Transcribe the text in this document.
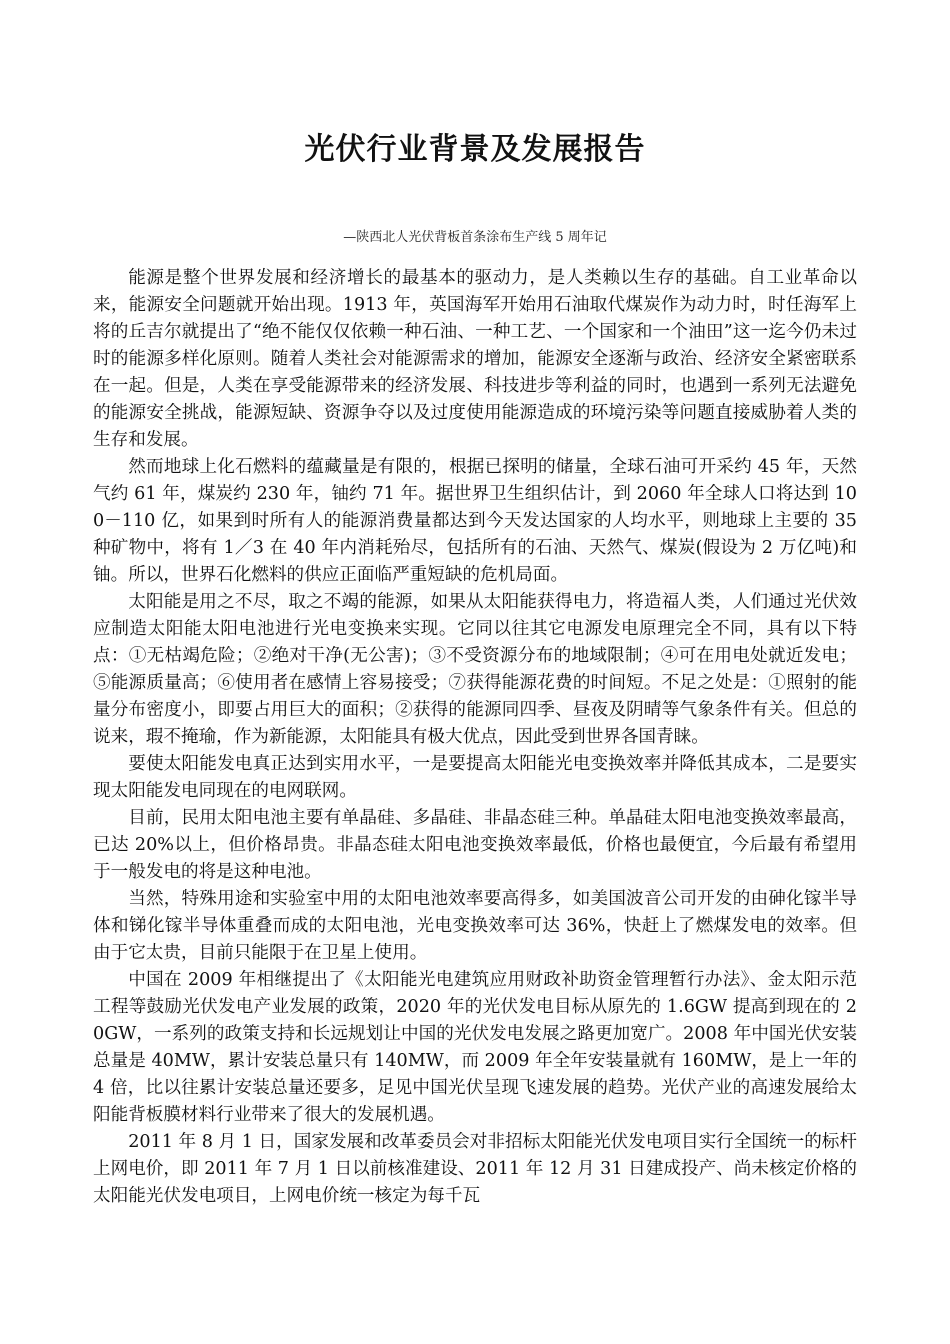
光伏行业背景及发展报告

—陕西北人光伏背板首条涂布生产线 5 周年记

能源是整个世界发展和经济增长的最基本的驱动力，是人类赖以生存的基础。自工业革命以来，能源安全问题就开始出现。1913 年，英国海军开始用石油取代煤炭作为动力时，时任海军上将的丘吉尔就提出了“绝不能仅仅依赖一种石油、一种工艺、一个国家和一个油田”这一迄今仍未过时的能源多样化原则。随着人类社会对能源需求的增加，能源安全逐渐与政治、经济安全紧密联系在一起。但是，人类在享受能源带来的经济发展、科技进步等利益的同时，也遇到一系列无法避免的能源安全挑战，能源短缺、资源争夺以及过度使用能源造成的环境污染等问题直接威胁着人类的生存和发展。

然而地球上化石燃料的蕴藏量是有限的，根据已探明的储量，全球石油可开采约 45 年，天然气约 61 年，煤炭约 230 年，铀约 71 年。据世界卫生组织估计，到 2060 年全球人口将达到 100－110 亿，如果到时所有人的能源消费量都达到今天发达国家的人均水平，则地球上主要的 35 种矿物中，将有 1／3 在 40 年内消耗殆尽，包括所有的石油、天然气、煤炭(假设为 2 万亿吨)和铀。所以，世界石化燃料的供应正面临严重短缺的危机局面。

太阳能是用之不尽，取之不竭的能源，如果从太阳能获得电力，将造福人类，人们通过光伏效应制造太阳能太阳电池进行光电变换来实现。它同以往其它电源发电原理完全不同，具有以下特点：①无枯竭危险；②绝对干净(无公害)；③不受资源分布的地域限制；④可在用电处就近发电；⑤能源质量高；⑥使用者在感情上容易接受；⑦获得能源花费的时间短。不足之处是：①照射的能量分布密度小，即要占用巨大的面积；②获得的能源同四季、昼夜及阴晴等气象条件有关。但总的说来，瑕不掩瑜，作为新能源，太阳能具有极大优点，因此受到世界各国青睐。

要使太阳能发电真正达到实用水平，一是要提高太阳能光电变换效率并降低其成本，二是要实现太阳能发电同现在的电网联网。

目前，民用太阳电池主要有单晶硅、多晶硅、非晶态硅三种。单晶硅太阳电池变换效率最高，已达 20%以上，但价格昂贵。非晶态硅太阳电池变换效率最低，价格也最便宜，今后最有希望用于一般发电的将是这种电池。

当然，特殊用途和实验室中用的太阳电池效率要高得多，如美国波音公司开发的由砷化镓半导体和锑化镓半导体重叠而成的太阳电池，光电变换效率可达 36%，快赶上了燃煤发电的效率。但由于它太贵，目前只能限于在卫星上使用。

中国在 2009 年相继提出了《太阳能光电建筑应用财政补助资金管理暂行办法》、金太阳示范工程等鼓励光伏发电产业发展的政策，2020 年的光伏发电目标从原先的 1.6GW 提高到现在的 20GW，一系列的政策支持和长远规划让中国的光伏发电发展之路更加宽广。2008 年中国光伏安装总量是 40MW，累计安装总量只有 140MW，而 2009 年全年安装量就有 160MW，是上一年的 4 倍，比以往累计安装总量还要多，足见中国光伏呈现飞速发展的趋势。光伏产业的高速发展给太阳能背板膜材料行业带来了很大的发展机遇。

2011 年 8 月 1 日，国家发展和改革委员会对非招标太阳能光伏发电项目实行全国统一的标杆上网电价，即 2011 年 7 月 1 日以前核准建设、2011 年 12 月 31 日建成投产、尚未核定价格的太阳能光伏发电项目，上网电价统一核定为每千瓦
